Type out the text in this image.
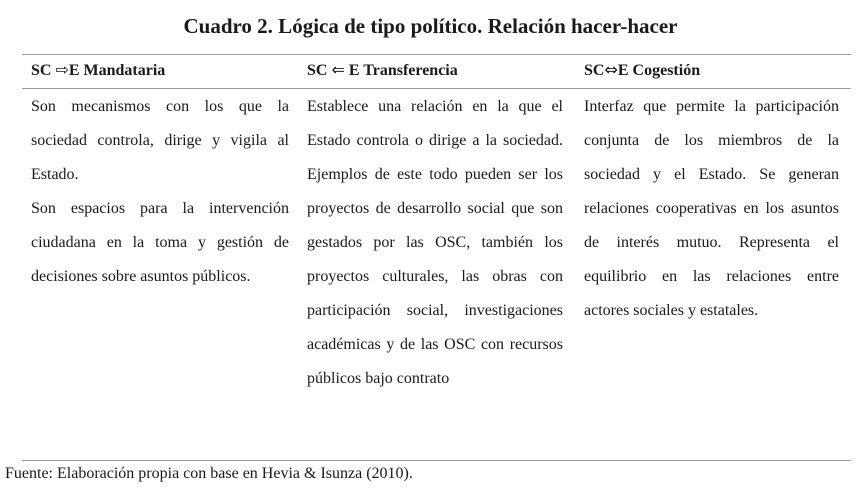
Cuadro 2. Lógica de tipo político. Relación hacer-hacer
SC ⇨E Mandataria	SC ⇐ E Transferencia	SC⇔E Cogestión

Son mecanismos con los que la sociedad controla, dirige y vigila al Estado.

Son espacios para la intervención ciudadana en la toma y gestión de decisiones sobre asuntos públicos.

Establece una relación en la que el Estado controla o dirige a la sociedad. Ejemplos de este todo pueden ser los proyectos de desarrollo social que son gestados por las OSC, también los proyectos culturales, las obras con participación social, investigaciones académicas y de las OSC con recursos públicos bajo contrato

Interfaz que permite la participación conjunta de los miembros de la sociedad y el Estado. Se generan relaciones cooperativas en los asuntos de interés mutuo. Representa el equilibrio en las relaciones entre actores sociales y estatales.

Fuente: Elaboración propia con base en Hevia & Isunza (2010).
